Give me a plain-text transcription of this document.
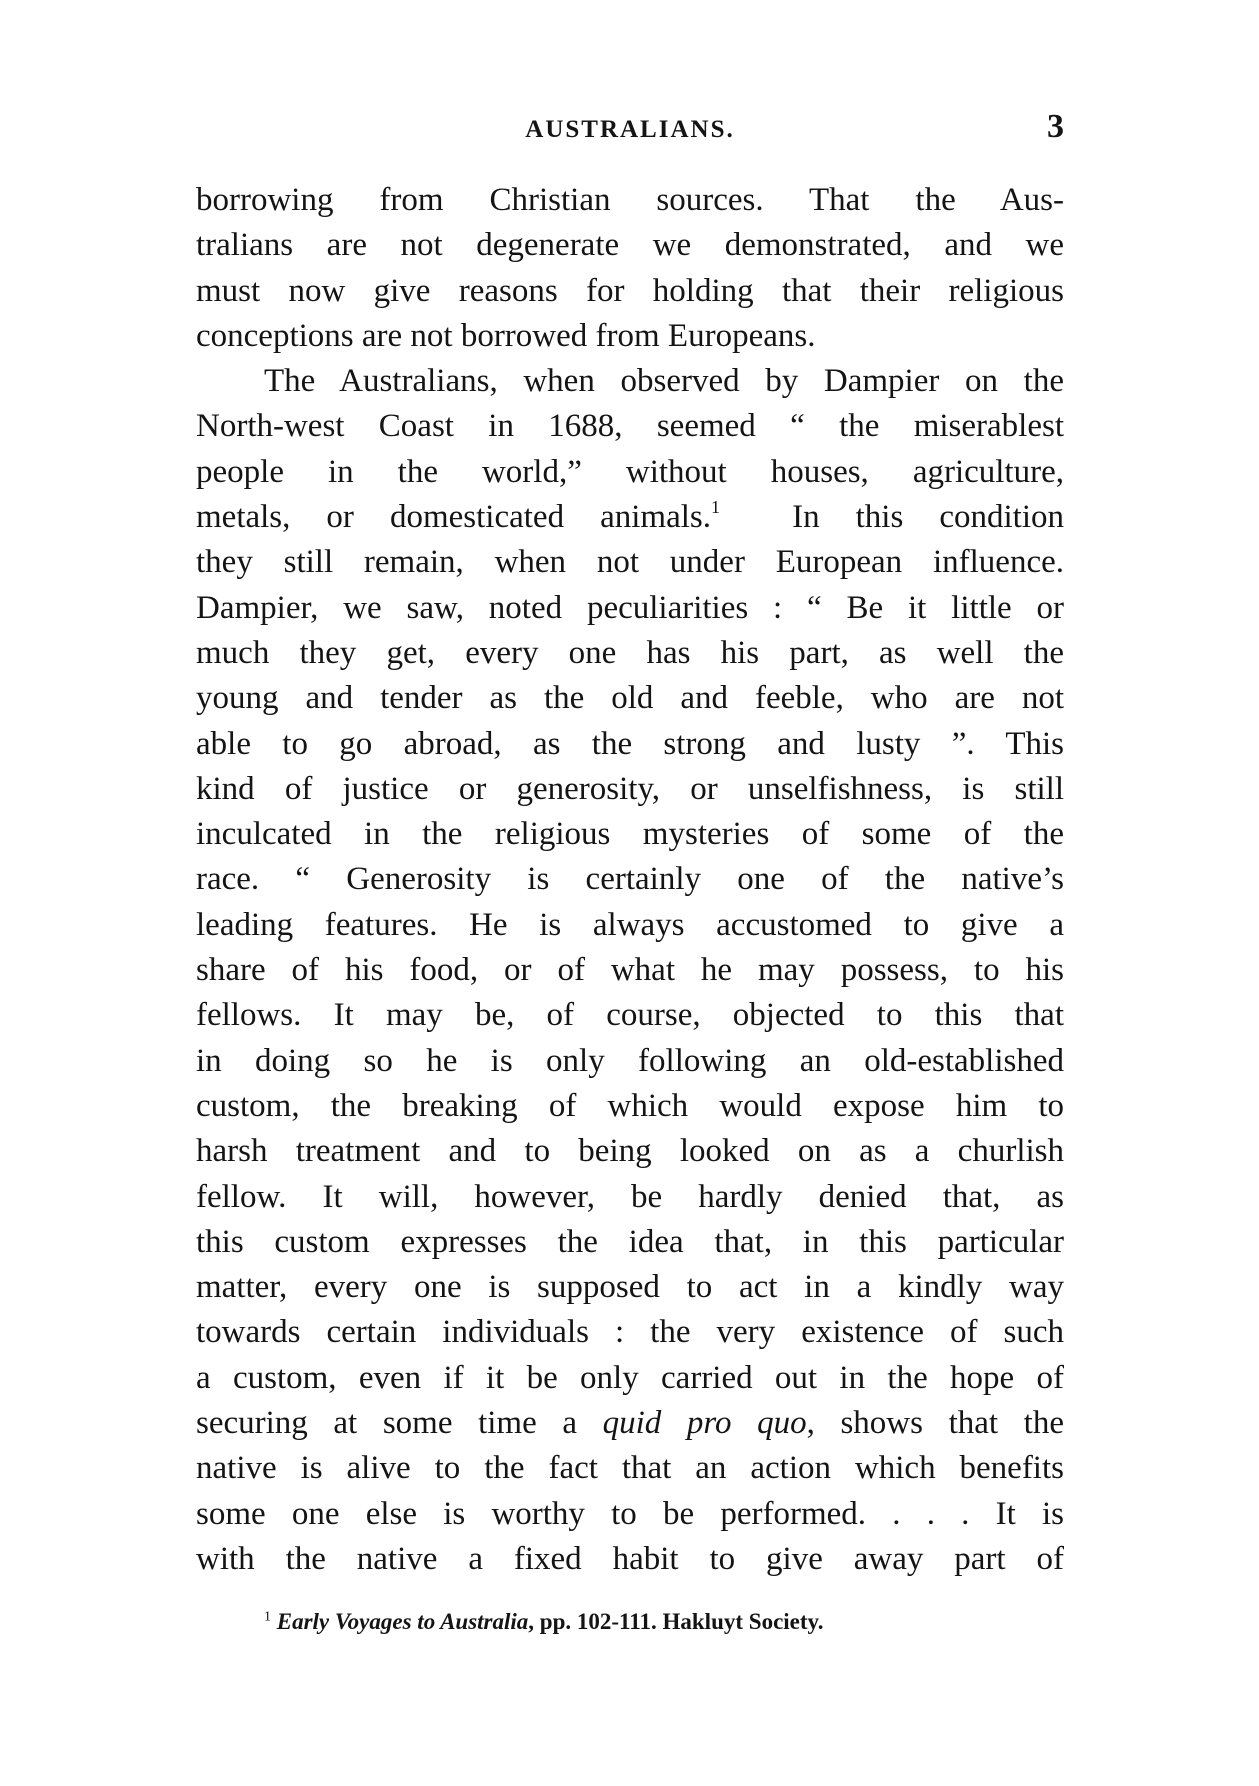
AUSTRALIANS.	3
borrowing from Christian sources. That the Aus-
tralians are not degenerate we demonstrated, and we
must now give reasons for holding that their religious
conceptions are not borrowed from Europeans.
The Australians, when observed by Dampier on the
North-west Coast in 1688, seemed “ the miserablest
people in the world,” without houses, agriculture,
metals, or domesticated animals.$^1$ In this condition
they still remain, when not under European influence.
Dampier, we saw, noted peculiarities : “ Be it little or
much they get, every one has his part, as well the
young and tender as the old and feeble, who are not
able to go abroad, as the strong and lusty ”. This
kind of justice or generosity, or unselfishness, is still
inculcated in the religious mysteries of some of the
race. “ Generosity is certainly one of the native’s
leading features. He is always accustomed to give a
share of his food, or of what he may possess, to his
fellows. It may be, of course, objected to this that
in doing so he is only following an old-established
custom, the breaking of which would expose him to
harsh treatment and to being looked on as a churlish
fellow. It will, however, be hardly denied that, as
this custom expresses the idea that, in this particular
matter, every one is supposed to act in a kindly way
towards certain individuals : the very existence of such
a custom, even if it be only carried out in the hope of
securing at some time a quid pro quo, shows that the
native is alive to the fact that an action which benefits
some one else is worthy to be performed. . . . It is
with the native a fixed habit to give away part of
$^1$ Early Voyages to Australia, pp. 102-111. Hakluyt Society.
